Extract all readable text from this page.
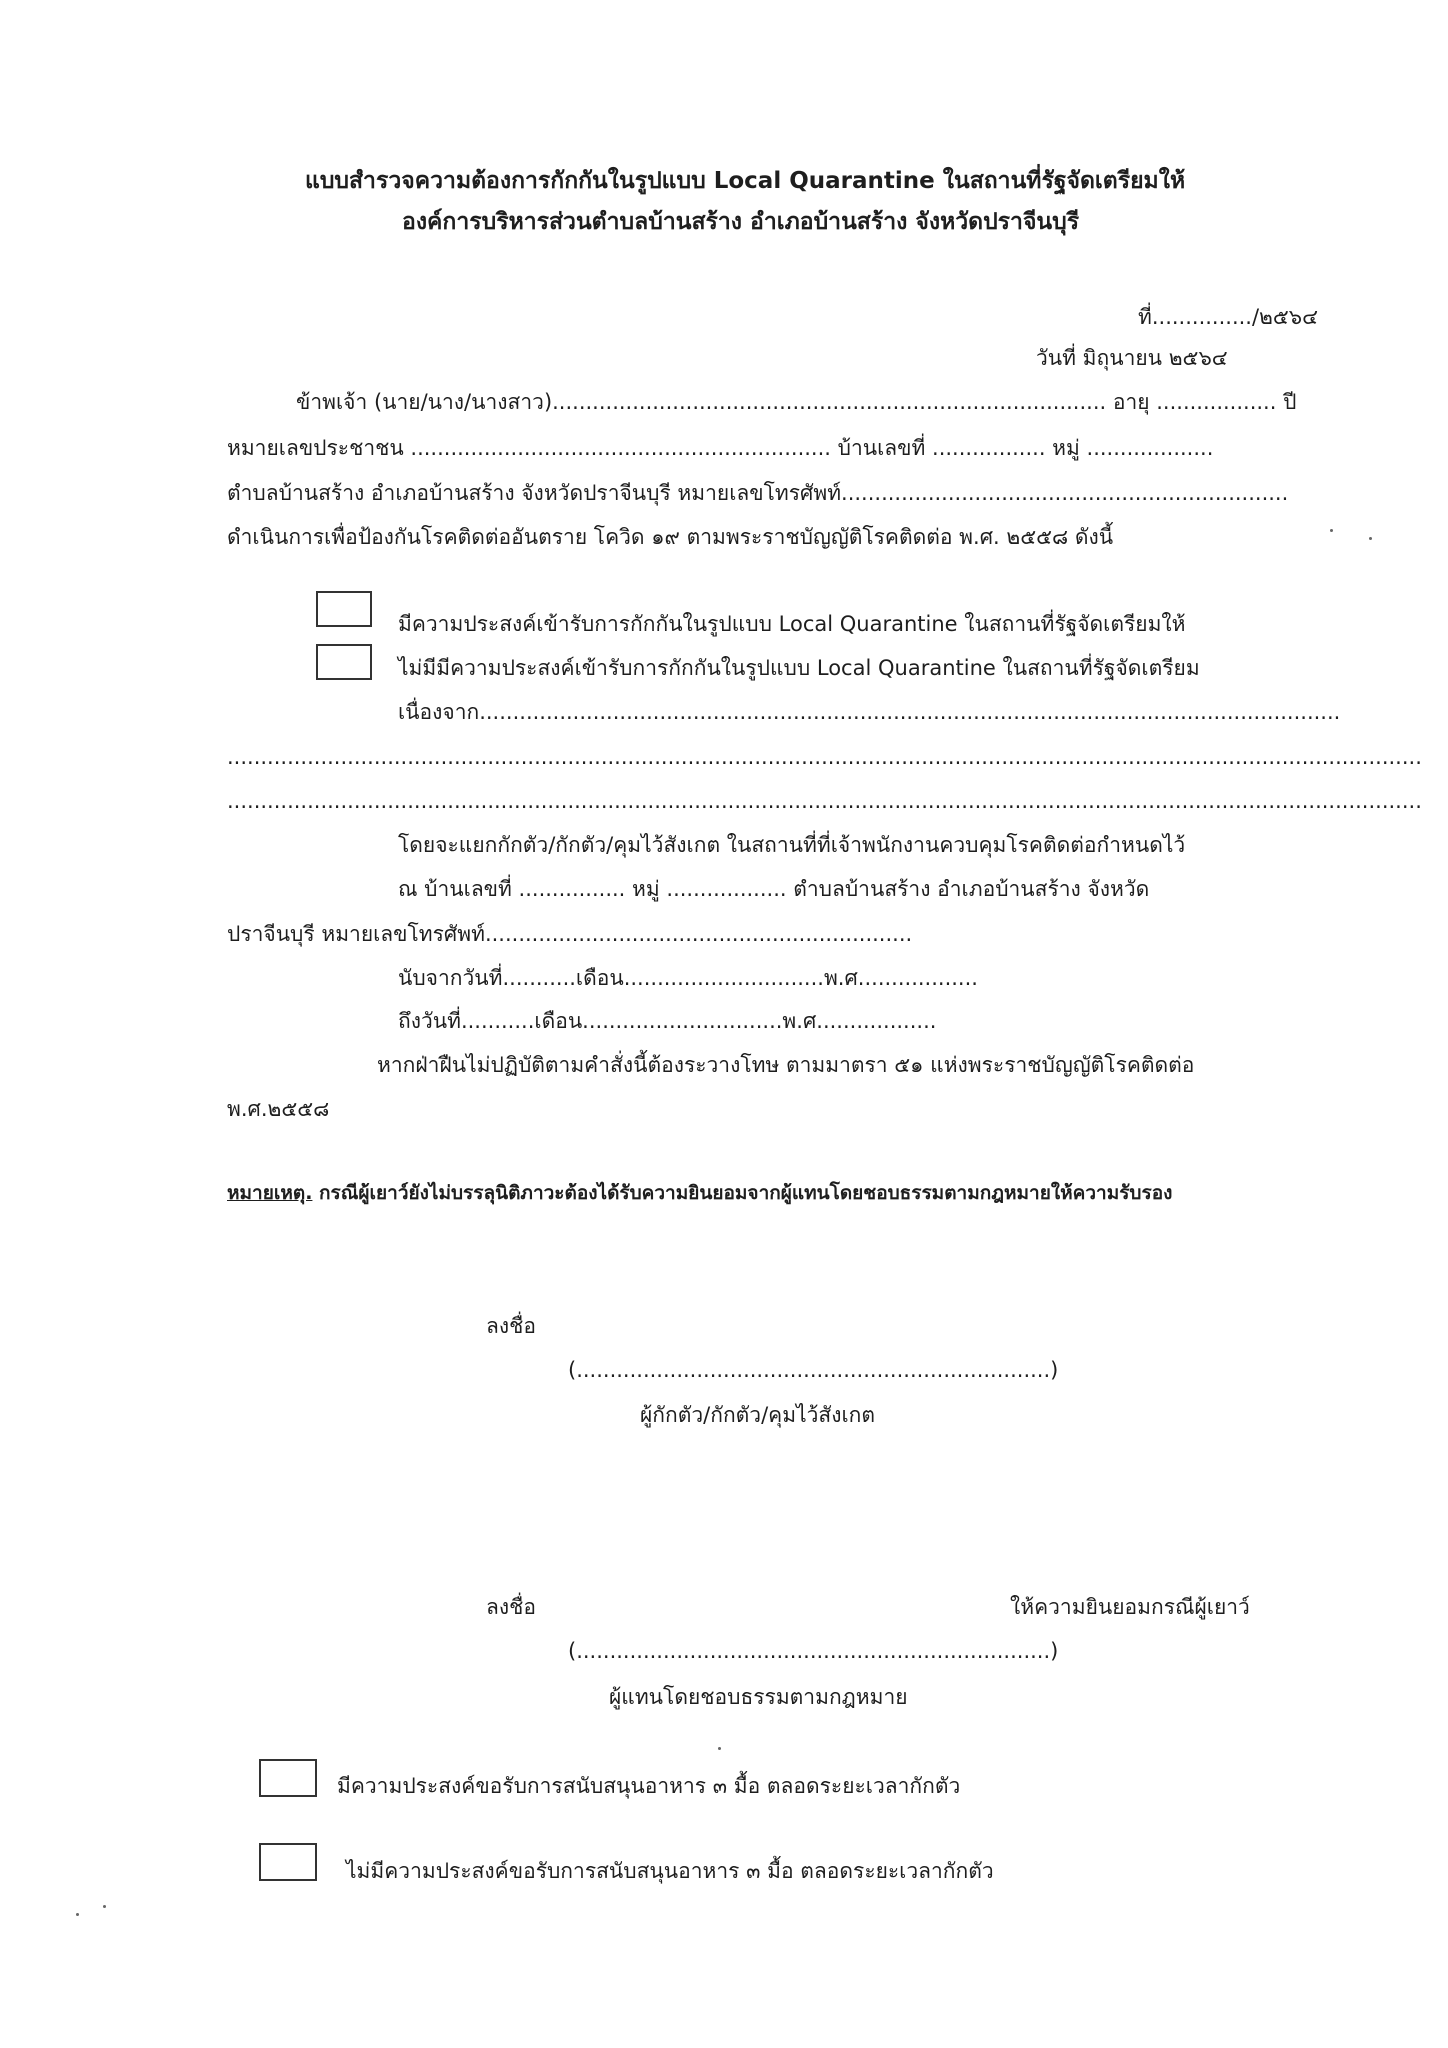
แบบสำรวจความต้องการกักกันในรูปแบบ Local Quarantine ในสถานที่รัฐจัดเตรียมให้
องค์การบริหารส่วนตำบลบ้านสร้าง อำเภอบ้านสร้าง จังหวัดปราจีนบุรี
ที่.............../๒๕๖๔
วันที่ มิถุนายน ๒๕๖๔
ข้าพเจ้า (นาย/นาง/นางสาว)................................................................................... อายุ .................. ปี
หมายเลขประชาชน ............................................................... บ้านเลขที่ ................. หมู่ ...................
ตำบลบ้านสร้าง อำเภอบ้านสร้าง จังหวัดปราจีนบุรี หมายเลขโทรศัพท์...................................................................
ดำเนินการเพื่อป้องกันโรคติดต่ออันตราย โควิด ๑๙ ตามพระราชบัญญัติโรคติดต่อ พ.ศ. ๒๕๕๘ ดังนี้
มีความประสงค์เข้ารับการกักกันในรูปแบบ Local Quarantine ในสถานที่รัฐจัดเตรียมให้
ไม่มีมีความประสงค์เข้ารับการกักกันในรูปแบบ Local Quarantine ในสถานที่รัฐจัดเตรียม
เนื่องจาก.................................................................................................................................
...................................................................................................................................................................................
...................................................................................................................................................................................
โดยจะแยกกักตัว/กักตัว/คุมไว้สังเกต ในสถานที่ที่เจ้าพนักงานควบคุมโรคติดต่อกำหนดไว้
ณ บ้านเลขที่ ................ หมู่ .................. ตำบลบ้านสร้าง อำเภอบ้านสร้าง จังหวัด
ปราจีนบุรี หมายเลขโทรศัพท์................................................................
นับจากวันที่...........เดือน..............................พ.ศ..................
ถึงวันที่...........เดือน..............................พ.ศ..................
หากฝ่าฝืนไม่ปฏิบัติตามคำสั่งนี้ต้องระวางโทษ ตามมาตรา ๕๑ แห่งพระราชบัญญัติโรคติดต่อ
พ.ศ.๒๕๕๘
หมายเหตุ. กรณีผู้เยาว์ยังไม่บรรลุนิติภาวะต้องได้รับความยินยอมจากผู้แทนโดยชอบธรรมตามกฎหมายให้ความรับรอง
ลงชื่อ
(.......................................................................)
ผู้กักตัว/กักตัว/คุมไว้สังเกต
ลงชื่อ	ให้ความยินยอมกรณีผู้เยาว์
(.......................................................................)
ผู้แทนโดยชอบธรรมตามกฎหมาย
มีความประสงค์ขอรับการสนับสนุนอาหาร ๓ มื้อ ตลอดระยะเวลากักตัว
ไม่มีความประสงค์ขอรับการสนับสนุนอาหาร ๓ มื้อ ตลอดระยะเวลากักตัว
